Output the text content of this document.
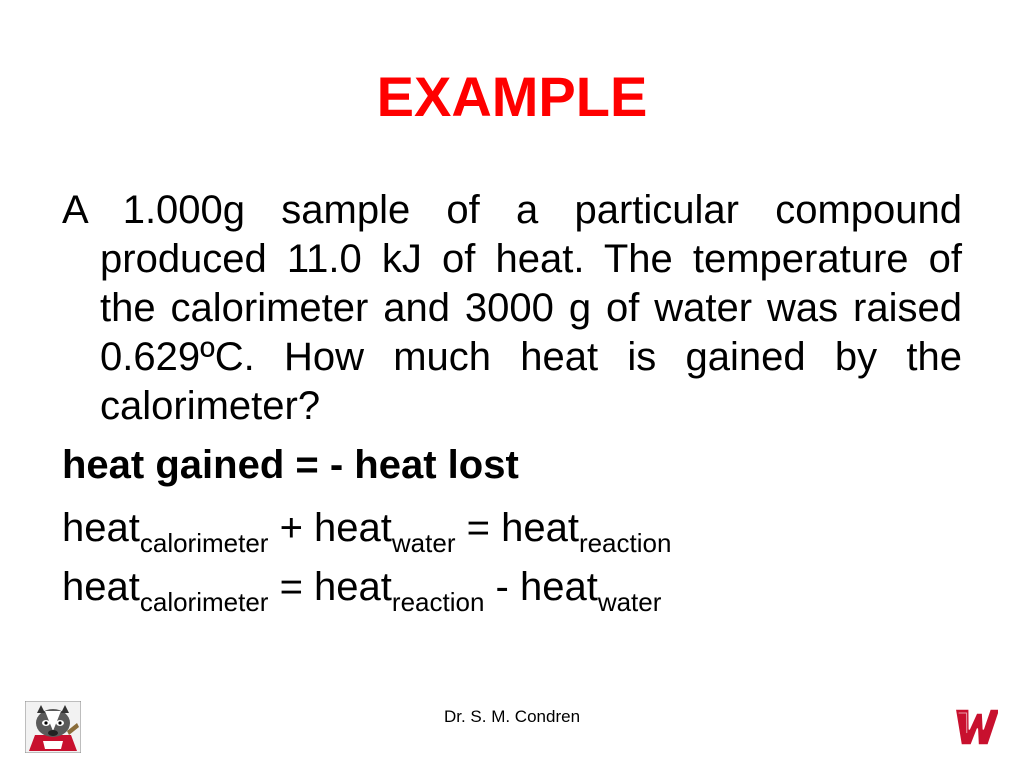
EXAMPLE

A 1.000g sample of a particular compound produced 11.0 kJ of heat. The temperature of the calorimeter and 3000 g of water was raised 0.629ºC. How much heat is gained by the calorimeter?

heat gained = - heat lost

heat$_{calorimeter}$ + heat$_{water}$ = heat$_{reaction}$

heat$_{calorimeter}$ = heat$_{reaction}$ - heat$_{water}$

Dr. S. M. Condren
